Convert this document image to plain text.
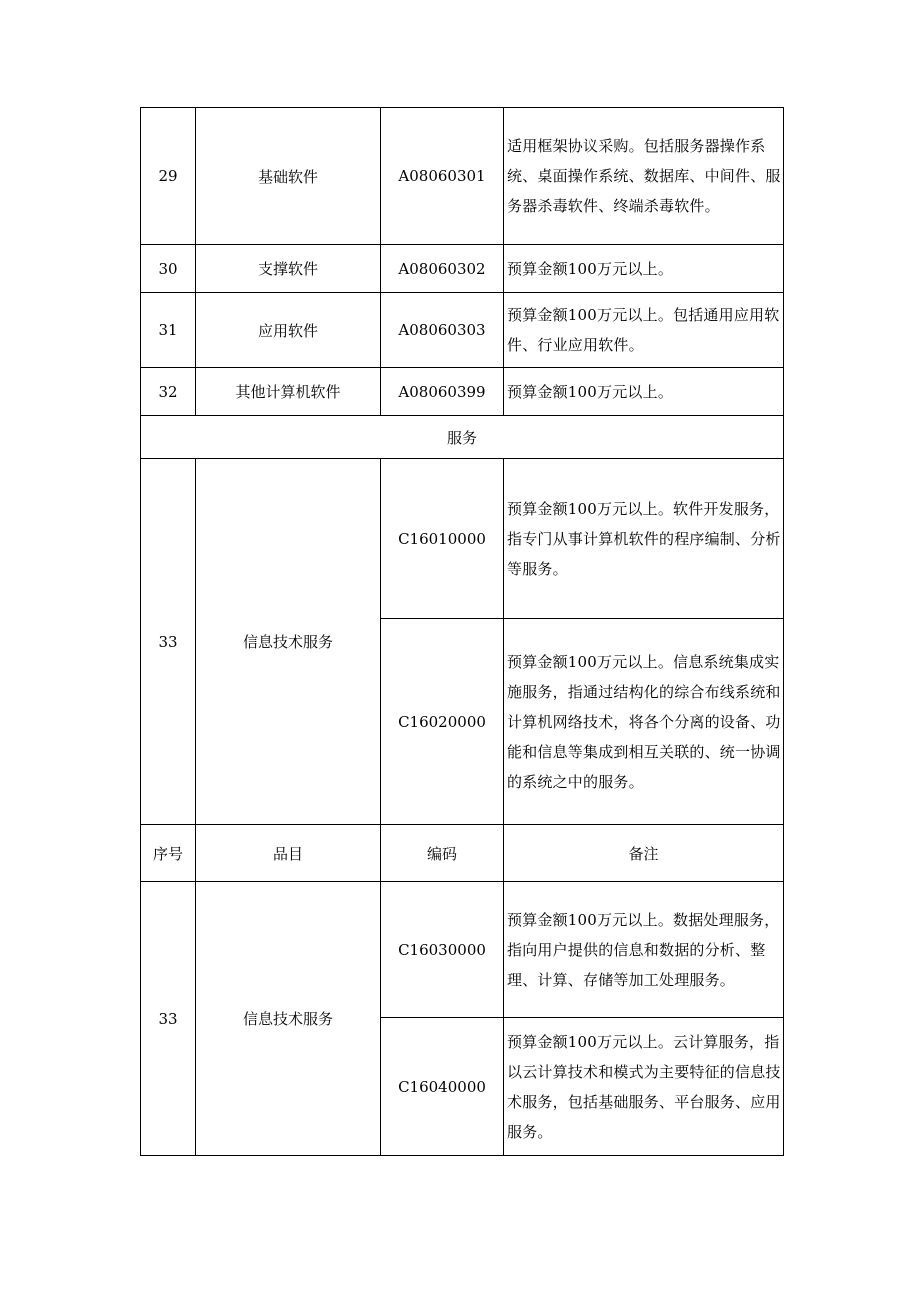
29	基础软件	A08060301	适用框架协议采购。包括服务器操作系统、桌面操作系统、数据库、中间件、服务器杀毒软件、终端杀毒软件。
30	支撑软件	A08060302	预算金额100万元以上。
31	应用软件	A08060303	预算金额100万元以上。包括通用应用软件、行业应用软件。
32	其他计算机软件	A08060399	预算金额100万元以上。
服务			
33	信息技术服务	C16010000	预算金额100万元以上。软件开发服务，指专门从事计算机软件的程序编制、分析等服务。
		C16020000	预算金额100万元以上。信息系统集成实施服务，指通过结构化的综合布线系统和计算机网络技术，将各个分离的设备、功能和信息等集成到相互关联的、统一协调的系统之中的服务。
序号	品目	编码	备注
33	信息技术服务	C16030000	预算金额100万元以上。数据处理服务，指向用户提供的信息和数据的分析、整理、计算、存储等加工处理服务。
		C16040000	预算金额100万元以上。云计算服务，指以云计算技术和模式为主要特征的信息技术服务，包括基础服务、平台服务、应用服务。
